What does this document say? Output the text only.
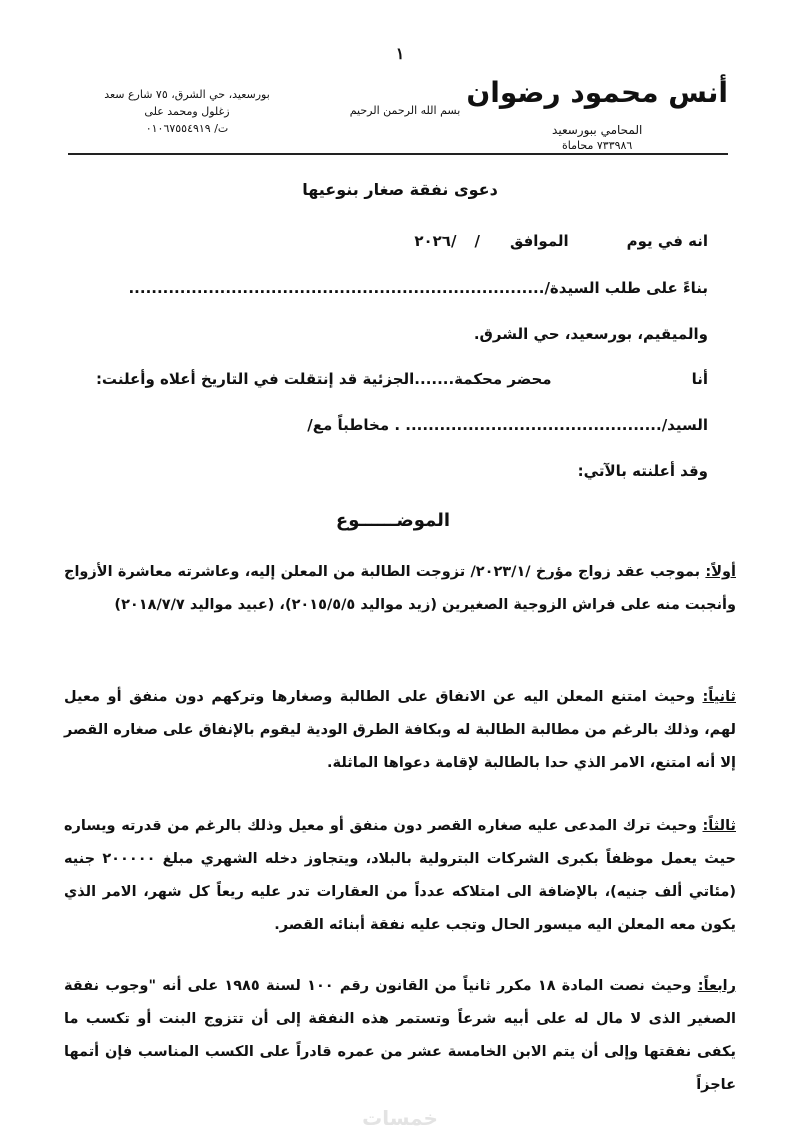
١
أنس محمود رضوان
المحامي ببورسعيد
٧٣٣٩٨٦ محاماة
بسم الله الرحمن الرحيم
بورسعيد، حي الشرق، ٧٥ شارع سعد
زغلول ومحمد على
ت/ ٠١٠٦٧٥٥٤٩١٩
دعوى نفقة صغار بنوعيها
انه في يومالموافق//٢٠٢٦
بناءً على طلب السيدة/.........................................................................
والميقيم، بورسعيد، حي الشرق.
أنامحضر محكمة.......الجزئية قد إنتقلت في التاريخ أعلاه وأعلنت:
السيد/............................................. . مخاطباً مع/
وقد أعلنته بالآتي:
الموضــــــوع
أولاً: بموجب عقد زواج مؤرخ /٢٠٢٣/١/ تزوجت الطالبة من المعلن إليه، وعاشرته معاشرة الأزواج وأنجبت منه على فراش الزوجية الصغيرين (زيد مواليد ٢٠١٥/٥/٥)، (عبيد مواليد ٢٠١٨/٧/٧)
ثانياً: وحيث امتنع المعلن اليه عن الانفاق على الطالبة وصغارها وتركهم دون منفق أو معيل لهم، وذلك بالرغم من مطالبة الطالبة له وبكافة الطرق الودية ليقوم بالإنفاق على صغاره القصر إلا أنه امتنع، الامر الذي حدا بالطالبة لإقامة دعواها الماثلة.
ثالثاً: وحيث ترك المدعى عليه صغاره القصر دون منفق أو معيل وذلك بالرغم من قدرته ويساره حيث يعمل موظفاً بكبرى الشركات البترولية بالبلاد، ويتجاوز دخله الشهري مبلغ ٢٠٠٠٠٠ جنيه (مئاتي ألف جنيه)، بالإضافة الى امتلاكه عدداً من العقارات تدر عليه ريعاً كل شهر، الامر الذي يكون معه المعلن اليه ميسور الحال وتجب عليه نفقة أبنائه القصر.
رابعاً: وحيث نصت المادة ١٨ مكرر ثانياً من القانون رقم ١٠٠ لسنة ١٩٨٥ على أنه "وجوب نفقة الصغير الذى لا مال له على أبيه شرعاً وتستمر هذه النفقة إلى أن تتزوج البنت أو تكسب ما يكفى نفقتها وإلى أن يتم الابن الخامسة عشر من عمره قادراً على الكسب المناسب فإن أتمها عاجزاً
خمسات
